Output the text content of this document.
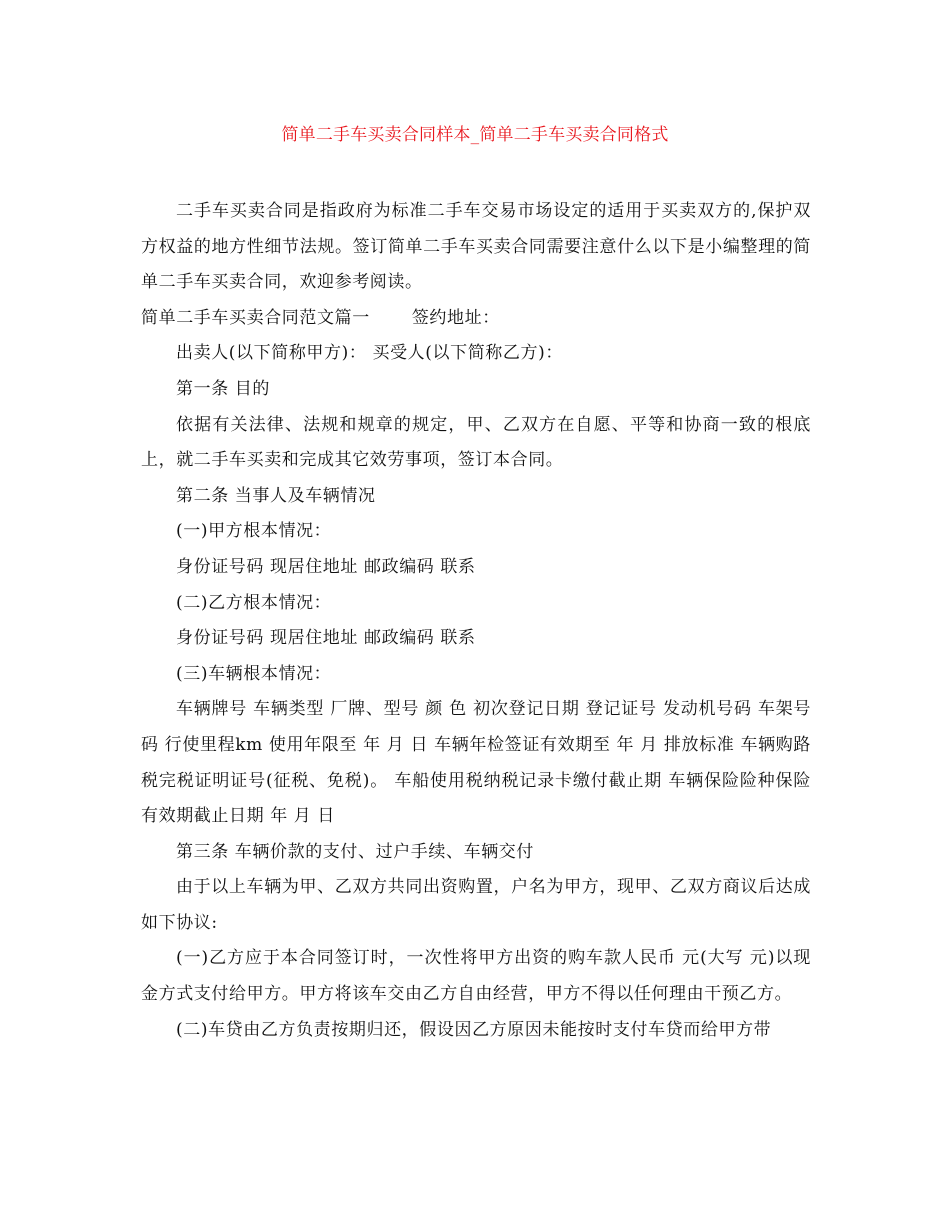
简单二手车买卖合同样本_简单二手车买卖合同格式

二手车买卖合同是指政府为标准二手车交易市场设定的适用于买卖双方的,保护双方权益的地方性细节法规。签订简单二手车买卖合同需要注意什么以下是小编整理的简单二手车买卖合同，欢迎参考阅读。

简单二手车买卖合同范文篇一 签约地址：

出卖人(以下简称甲方)： 买受人(以下简称乙方)：

第一条 目的

依据有关法律、法规和规章的规定，甲、乙双方在自愿、平等和协商一致的根底上，就二手车买卖和完成其它效劳事项，签订本合同。

第二条 当事人及车辆情况

(一)甲方根本情况：

身份证号码 现居住地址 邮政编码 联系

(二)乙方根本情况：

身份证号码 现居住地址 邮政编码 联系

(三)车辆根本情况：

车辆牌号 车辆类型 厂牌、型号 颜 色 初次登记日期 登记证号 发动机号码 车架号码 行使里程km 使用年限至 年 月 日 车辆年检签证有效期至 年 月 排放标准 车辆购路税完税证明证号(征税、免税)。 车船使用税纳税记录卡缴付截止期 车辆保险险种保险有效期截止日期 年 月 日

第三条 车辆价款的支付、过户手续、车辆交付

由于以上车辆为甲、乙双方共同出资购置，户名为甲方，现甲、乙双方商议后达成如下协议:

(一)乙方应于本合同签订时，一次性将甲方出资的购车款人民币 元(大写 元)以现金方式支付给甲方。甲方将该车交由乙方自由经营，甲方不得以任何理由干预乙方。

(二)车贷由乙方负责按期归还，假设因乙方原因未能按时支付车贷而给甲方带
